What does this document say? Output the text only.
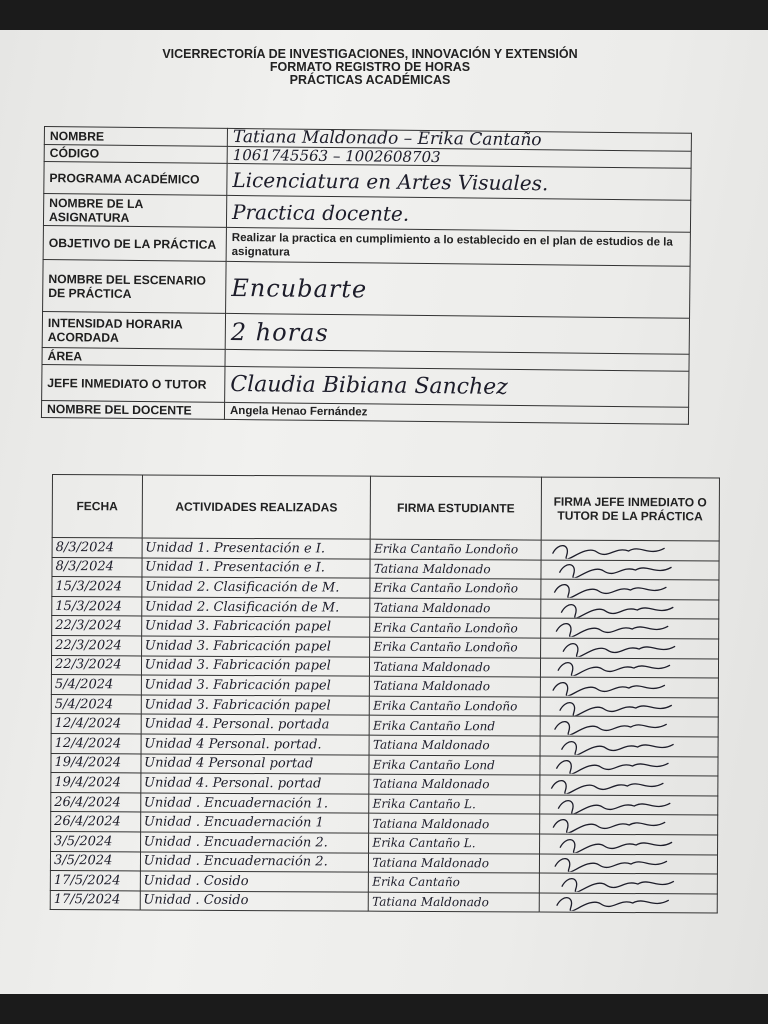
VICERRECTORÍA DE INVESTIGACIONES, INNOVACIÓN Y EXTENSIÓN
FORMATO REGISTRO DE HORAS
PRÁCTICAS ACADÉMICAS
NOMBRE	Tatiana Maldonado – Erika Cantaño
CÓDIGO	1061745563 – 1002608703
PROGRAMA ACADÉMICO	Licenciatura en Artes Visuales.
NOMBRE DE LA ASIGNATURA	Practica docente.
OBJETIVO DE LA PRÁCTICA	Realizar la practica en cumplimiento a lo establecido en el plan de estudios de la asignatura
NOMBRE DEL ESCENARIO DE PRÁCTICA	Encubarte
INTENSIDAD HORARIA ACORDADA	2 horas
ÁREA	
JEFE INMEDIATO O TUTOR	Claudia Bibiana Sanchez
NOMBRE DEL DOCENTE	Angela Henao Fernández
FECHA	ACTIVIDADES REALIZADAS	FIRMA ESTUDIANTE	FIRMA JEFE INMEDIATO O TUTOR DE LA PRÁCTICA
8/3/2024	Unidad 1. Presentación e I.	Erika Cantaño Londoño	

8/3/2024	Unidad 1. Presentación e I.	Tatiana Maldonado	

15/3/2024	Unidad 2. Clasificación de M.	Erika Cantaño Londoño	

15/3/2024	Unidad 2. Clasificación de M.	Tatiana Maldonado	

22/3/2024	Unidad 3. Fabricación papel	Erika Cantaño Londoño	

22/3/2024	Unidad 3. Fabricación papel	Erika Cantaño Londoño	

22/3/2024	Unidad 3. Fabricación papel	Tatiana Maldonado	

5/4/2024	Unidad 3. Fabricación papel	Tatiana Maldonado	

5/4/2024	Unidad 3. Fabricación papel	Erika Cantaño Londoño	

12/4/2024	Unidad 4. Personal. portada	Erika Cantaño Lond	

12/4/2024	Unidad 4 Personal. portad.	Tatiana Maldonado	

19/4/2024	Unidad 4 Personal portad	Erika Cantaño Lond	

19/4/2024	Unidad 4. Personal. portad	Tatiana Maldonado	

26/4/2024	Unidad . Encuadernación 1.	Erika Cantaño L.	

26/4/2024	Unidad . Encuadernación 1	Tatiana Maldonado	

3/5/2024	Unidad . Encuadernación 2.	Erika Cantaño L.	

3/5/2024	Unidad . Encuadernación 2.	Tatiana Maldonado	

17/5/2024	Unidad . Cosido	Erika Cantaño	

17/5/2024	Unidad . Cosido	Tatiana Maldonado	
